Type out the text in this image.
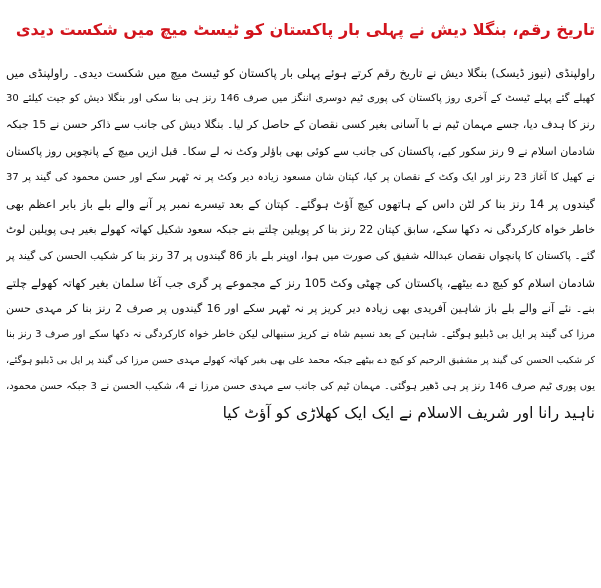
تاریخ رقم، بنگلا دیش نے پہلی بار پاکستان کو ٹیسٹ میچ میں شکست دیدی
راولپنڈی (نیوز ڈیسک) بنگلا دیش نے تاریخ رقم کرتے ہوئے پہلی بار پاکستان کو ٹیسٹ میچ میں شکست دیدی۔ راولپنڈی میں
کھیلے گئے پہلے ٹیسٹ کے آخری روز پاکستان کی پوری ٹیم دوسری اننگز میں صرف 146 رنز ہی بنا سکی اور بنگلا دیش کو جیت کیلئے 30
رنز کا ہدف دیا، جسے مہمان ٹیم نے با آسانی بغیر کسی نقصان کے حاصل کر لیا۔ بنگلا دیش کی جانب سے ذاکر حسن نے 15 جبکہ
شادمان اسلام نے 9 رنز سکور کیے، پاکستان کی جانب سے کوئی بھی باؤلر وکٹ نہ لے سکا۔ قبل ازیں میچ کے پانچویں روز پاکستان
نے کھیل کا آغاز 23 رنز اور ایک وکٹ کے نقصان پر کیا، کپتان شان مسعود زیادہ دیر وکٹ پر نہ ٹھہر سکے اور حسن محمود کی گیند پر 37
گیندوں پر 14 رنز بنا کر لٹن داس کے ہاتھوں کیچ آؤٹ ہوگئے۔ کپتان کے بعد تیسرے نمبر پر آنے والے بلے باز بابر اعظم بھی
خاطر خواہ کارکردگی نہ دکھا سکے، سابق کپتان 22 رنز بنا کر پویلین چلتے بنے جبکہ سعود شکیل کھاتہ کھولے بغیر ہی پویلین لوٹ
گئے۔ پاکستان کا پانچواں نقصان عبداللہ شفیق کی صورت میں ہوا، اوپنر بلے باز 86 گیندوں پر 37 رنز بنا کر شکیب الحسن کی گیند پر
شادمان اسلام کو کیچ دے بیٹھے، پاکستان کی چھٹی وکٹ 105 رنز کے مجموعے پر گری جب آغا سلمان بغیر کھاتہ کھولے چلتے
بنے۔ نئے آنے والے بلے باز شاہین آفریدی بھی زیادہ دیر کریز پر نہ ٹھہر سکے اور 16 گیندوں پر صرف 2 رنز بنا کر مہدی حسن
مرزا کی گیند پر ایل بی ڈبلیو ہوگئے۔ شاہین کے بعد نسیم شاہ نے کریز سنبھالی لیکن خاطر خواہ کارکردگی نہ دکھا سکے اور صرف 3 رنز بنا
کر شکیب الحسن کی گیند پر مشفیق الرحیم کو کیچ دے بیٹھے جبکہ محمد علی بھی بغیر کھاتہ کھولے مہدی حسن مرزا کی گیند پر ایل بی ڈبلیو ہوگئے،
یوں پوری ٹیم صرف 146 رنز پر ہی ڈھیر ہوگئی۔ مہمان ٹیم کی جانب سے مہدی حسن مرزا نے 4، شکیب الحسن نے 3 جبکہ حسن محمود،
ناہید رانا اور شریف الاسلام نے ایک ایک کھلاڑی کو آؤٹ کیا
